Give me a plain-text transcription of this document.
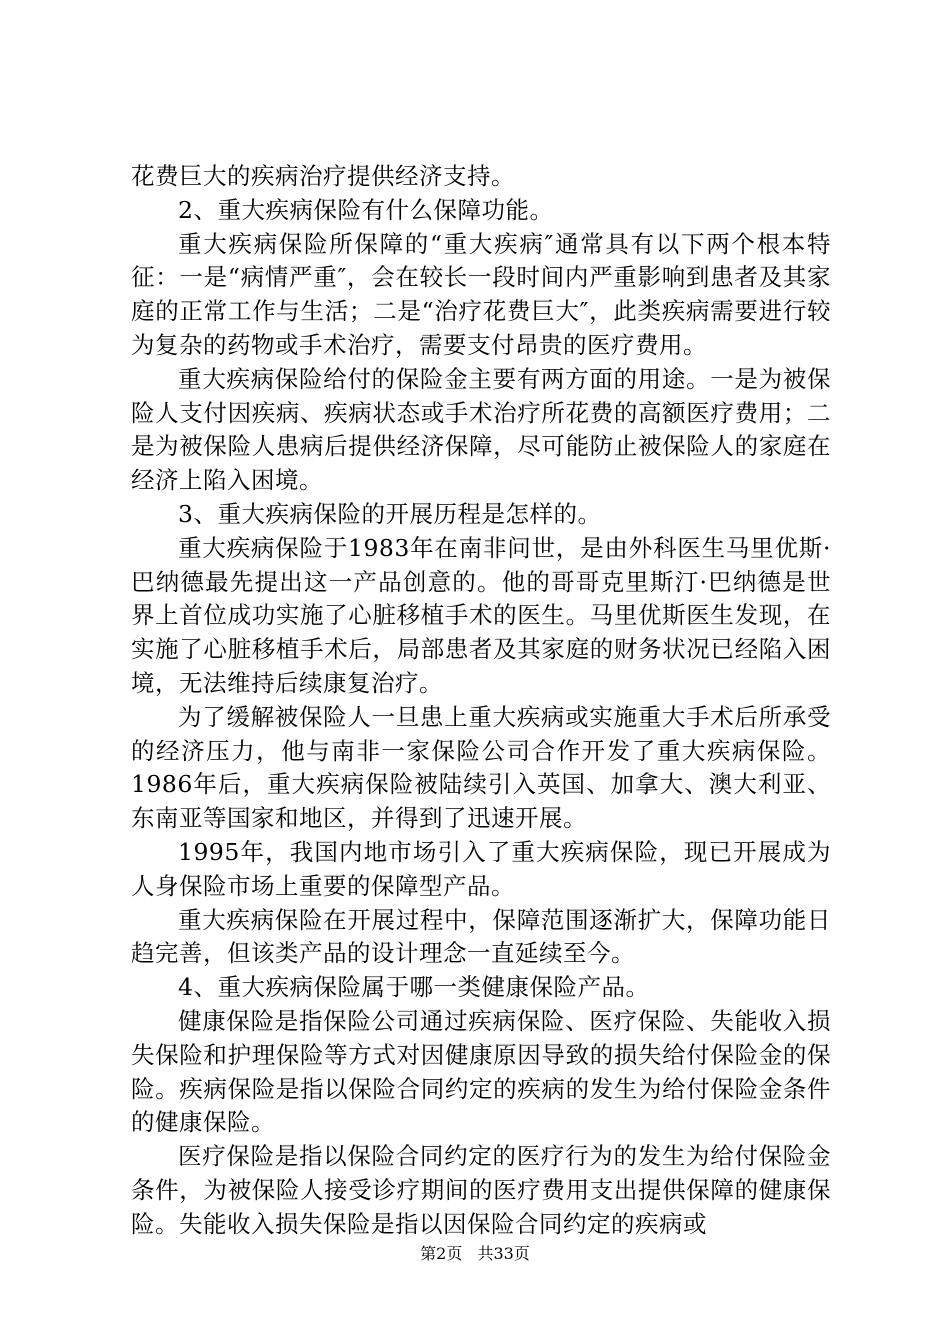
花费巨大的疾病治疗提供经济支持。

2、重大疾病保险有什么保障功能。

重大疾病保险所保障的“重大疾病″通常具有以下两个根本特征：一是“病情严重″，会在较长一段时间内严重影响到患者及其家庭的正常工作与生活；二是“治疗花费巨大″，此类疾病需要进行较为复杂的药物或手术治疗，需要支付昂贵的医疗费用。

重大疾病保险给付的保险金主要有两方面的用途。一是为被保险人支付因疾病、疾病状态或手术治疗所花费的高额医疗费用；二是为被保险人患病后提供经济保障，尽可能防止被保险人的家庭在经济上陷入困境。

3、重大疾病保险的开展历程是怎样的。

重大疾病保险于1983年在南非问世，是由外科医生马里优斯·巴纳德最先提出这一产品创意的。他的哥哥克里斯汀·巴纳德是世界上首位成功实施了心脏移植手术的医生。马里优斯医生发现，在实施了心脏移植手术后，局部患者及其家庭的财务状况已经陷入困境，无法维持后续康复治疗。

为了缓解被保险人一旦患上重大疾病或实施重大手术后所承受的经济压力，他与南非一家保险公司合作开发了重大疾病保险。1986年后，重大疾病保险被陆续引入英国、加拿大、澳大利亚、东南亚等国家和地区，并得到了迅速开展。

1995年，我国内地市场引入了重大疾病保险，现已开展成为人身保险市场上重要的保障型产品。

重大疾病保险在开展过程中，保障范围逐渐扩大，保障功能日趋完善，但该类产品的设计理念一直延续至今。

4、重大疾病保险属于哪一类健康保险产品。

健康保险是指保险公司通过疾病保险、医疗保险、失能收入损失保险和护理保险等方式对因健康原因导致的损失给付保险金的保险。疾病保险是指以保险合同约定的疾病的发生为给付保险金条件的健康保险。

医疗保险是指以保险合同约定的医疗行为的发生为给付保险金条件，为被保险人接受诊疗期间的医疗费用支出提供保障的健康保险。失能收入损失保险是指以因保险合同约定的疾病或

第2页 共33页
